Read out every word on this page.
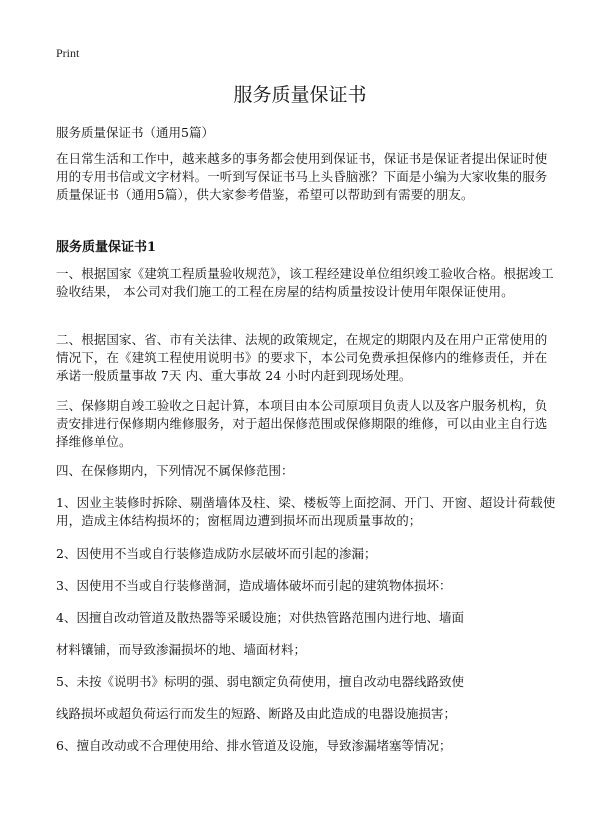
Print
服务质量保证书
服务质量保证书（通用5篇）

在日常生活和工作中，越来越多的事务都会使用到保证书，保证书是保证者提出保证时使用的专用书信或文字材料。一听到写保证书马上头昏脑涨？下面是小编为大家收集的服务质量保证书（通用5篇），供大家参考借鉴，希望可以帮助到有需要的朋友。

服务质量保证书1

一、根据国家《建筑工程质量验收规范》，该工程经建设单位组织竣工验收合格。根据竣工验收结果， 本公司对我们施工的工程在房屋的结构质量按设计使用年限保证使用。

二、根据国家、省、市有关法律、法规的政策规定，在规定的期限内及在用户正常使用的情况下，在《建筑工程使用说明书》的要求下，本公司免费承担保修内的维修责任，并在承诺一般质量事故 7天 内、重大事故 24 小时内赶到现场处理。

三、保修期自竣工验收之日起计算，本项目由本公司原项目负责人以及客户服务机构，负责安排进行保修期内维修服务，对于超出保修范围或保修期限的维修，可以由业主自行选择维修单位。

四、在保修期内，下列情况不属保修范围：

1、因业主装修时拆除、剔凿墙体及柱、梁、楼板等上面挖洞、开门、开窗、超设计荷载使用，造成主体结构损坏的；窗框周边遭到损坏而出现质量事故的；

2、因使用不当或自行装修造成防水层破坏而引起的渗漏；

3、因使用不当或自行装修凿洞，造成墙体破坏而引起的建筑物体损坏：

4、因擅自改动管道及散热器等采暖设施；对供热管路范围内进行地、墙面

材料镶铺，而导致渗漏损坏的地、墙面材料；

5、未按《说明书》标明的强、弱电额定负荷使用，擅自改动电器线路致使

线路损坏或超负荷运行而发生的短路、断路及由此造成的电器设施损害；

6、擅自改动或不合理使用给、排水管道及设施，导致渗漏堵塞等情况；
